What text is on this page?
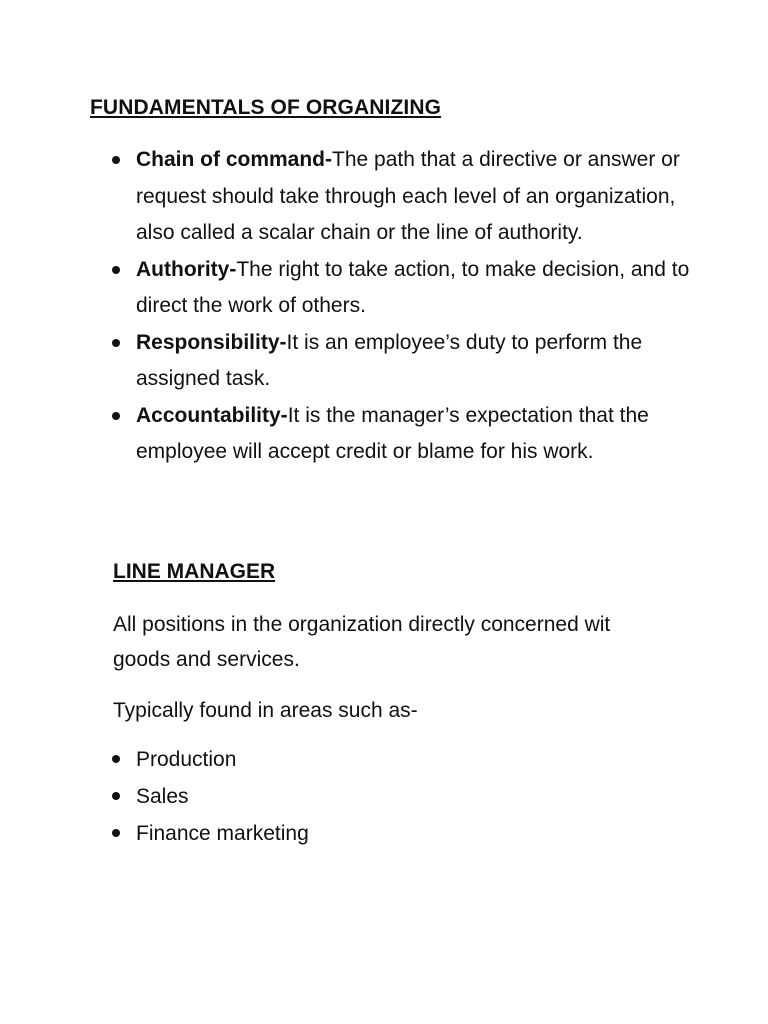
FUNDAMENTALS OF ORGANIZING
Chain of command-The path that a directive or answer or request should take through each level of an organization, also called a scalar chain or the line of authority.
Authority-The right to take action, to make decision, and to direct the work of others.
Responsibility-It is an employee’s duty to perform the assigned task.
Accountability-It is the manager’s expectation that the employee will accept credit or blame for his work.
LINE MANAGER
All positions in the organization directly concerned wit
goods and services.
Typically found in areas such as-
Production
Sales
Finance marketing
